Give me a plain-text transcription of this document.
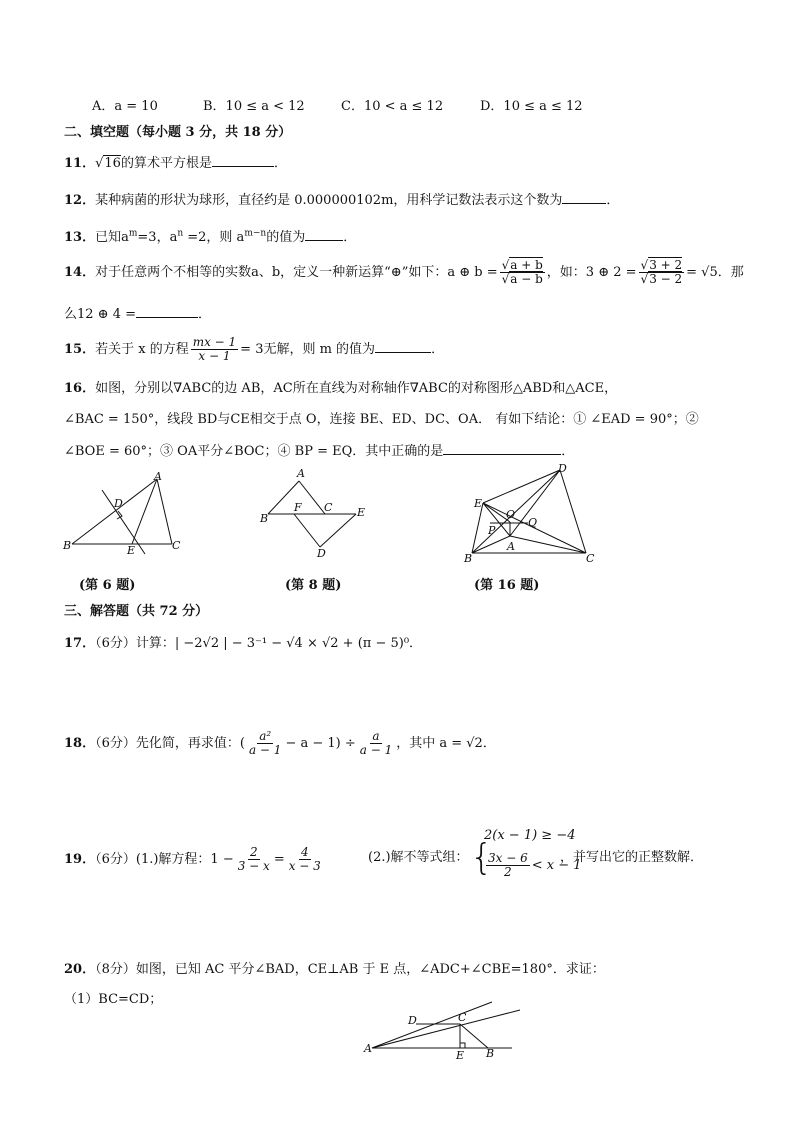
A．a = 10	B．10 ≤ a < 12	C．10 < a ≤ 12	D．10 ≤ a ≤ 12
二、填空题（每小题 3 分，共 18 分）
11．√16的算术平方根是	．
12．某种病菌的形状为球形，直径约是 0.000000102m，用科学记数法表示这个数为	．
13．已知$a^m=3$，$a^n =2$，则 $a^{m-n}$的值为	．
14．对于任意两个不相等的实数a、b，定义一种新运算“⊕”如下：a ⊕ $b = \frac{√a + b}{√a - b}$ ，如：3 ⊕ $2 = \frac{√3 + 2}{√3 - 2} = √5$．那
么12 ⊕ 4 =	．
15．若关于 x 的方程 $\frac{mx - 1}{x - 1} = 3$无解，则 m 的值为	．
16．如图，分别以∇ABC的边 AB，AC所在直线为对称轴作∇ABC的对称图形△ABD和△ACE，
∠BAC = 150°，线段 BD与CE相交于点 O，连接 BE、ED、DC、OA． 有如下结论：① ∠EAD = 90°；②
∠BOE = 60°；③ OA平分∠BOC；④ BP = EQ．其中正确的是	．
A
B	C
D
E
(第 6 题)
A
B
F C E
D
(第 8 题)
E
D
B	C
A
O
P
Q
(第 16 题)
三、解答题（共 72 分）
17．（6分）计算：| −2√2 | − 3⁻¹ − √4 × √2 + (π − 5)⁰．
18．（6分）先化简，再求值：( $\frac{\text{a²}}{a - 1} - a - 1) \div \frac{a}{a - 1}$ ，其中 a = √2．
19．（6分）(1.)解方程：$1 - \frac{2}{3 - x} = \frac{4}{x - 3}$	(2.)解不等式组： {
2(x − 1) ≥ −4
$\frac{3x - 6}{2} < x - 1$
，并写出它的正整数解．
20．（8分）如图，已知 AC 平分∠BAD，CE⊥AB 于 E 点，∠ADC+∠CBE=180°．求证：
（1）BC=CD；
A
D	C
E B
